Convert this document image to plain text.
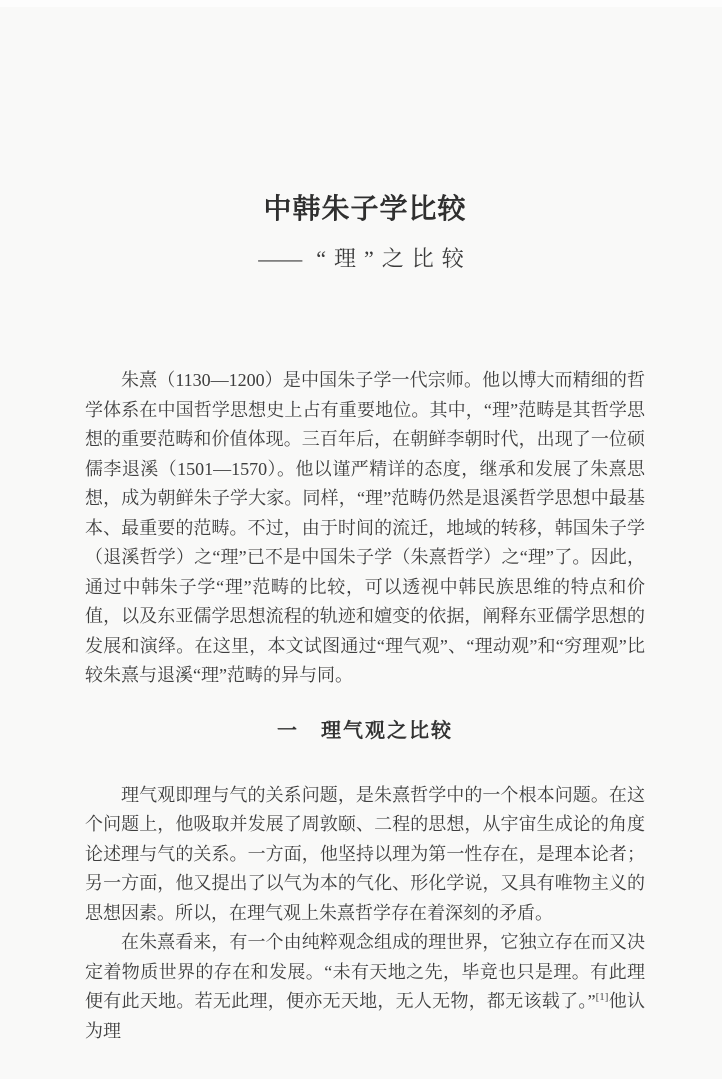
中韩朱子学比较
—— “理”之比较

朱熹（1130—1200）是中国朱子学一代宗师。他以博大而精细的哲学体系在中国哲学思想史上占有重要地位。其中，“理”范畴是其哲学思想的重要范畴和价值体现。三百年后，在朝鲜李朝时代，出现了一位硕儒李退溪（1501—1570）。他以谨严精详的态度，继承和发展了朱熹思想，成为朝鲜朱子学大家。同样，“理”范畴仍然是退溪哲学思想中最基本、最重要的范畴。不过，由于时间的流迁，地域的转移，韩国朱子学（退溪哲学）之“理”已不是中国朱子学（朱熹哲学）之“理”了。因此，通过中韩朱子学“理”范畴的比较，可以透视中韩民族思维的特点和价值，以及东亚儒学思想流程的轨迹和嬗变的依据，阐释东亚儒学思想的发展和演绎。在这里，本文试图通过“理气观”、“理动观”和“穷理观”比较朱熹与退溪“理”范畴的异与同。

一　理气观之比较

理气观即理与气的关系问题，是朱熹哲学中的一个根本问题。在这个问题上，他吸取并发展了周敦颐、二程的思想，从宇宙生成论的角度论述理与气的关系。一方面，他坚持以理为第一性存在，是理本论者；另一方面，他又提出了以气为本的气化、形化学说，又具有唯物主义的思想因素。所以，在理气观上朱熹哲学存在着深刻的矛盾。

在朱熹看来，有一个由纯粹观念组成的理世界，它独立存在而又决定着物质世界的存在和发展。“未有天地之先，毕竟也只是理。有此理便有此天地。若无此理，便亦无天地，无人无物，都无该载了。”[1]他认为理
